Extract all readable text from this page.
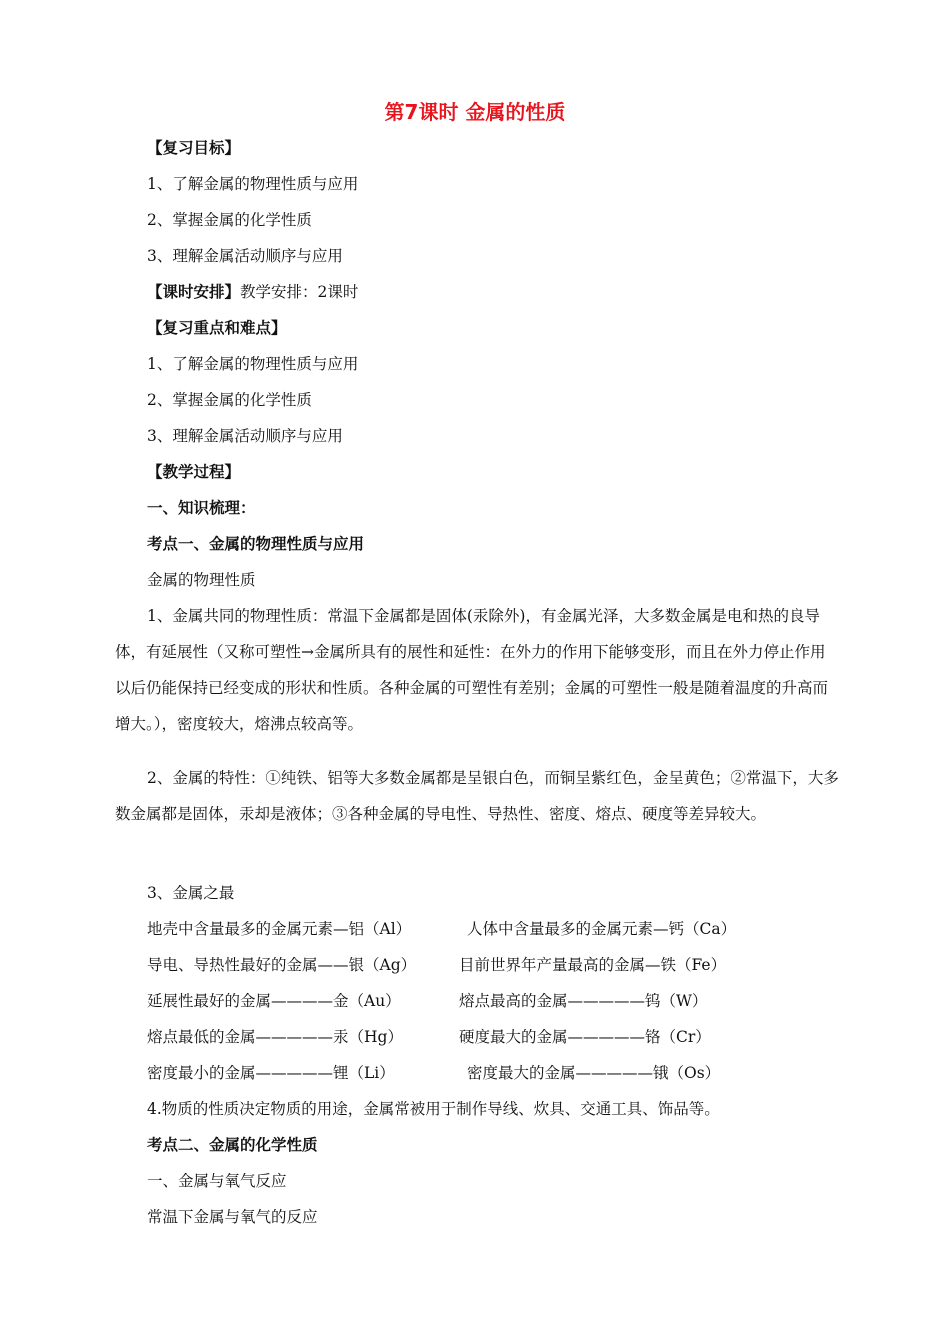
第7课时 金属的性质
【复习目标】
1、了解金属的物理性质与应用
2、掌握金属的化学性质
3、理解金属活动顺序与应用
【课时安排】教学安排：2课时
【复习重点和难点】
1、了解金属的物理性质与应用
2、掌握金属的化学性质
3、理解金属活动顺序与应用
【教学过程】
一、知识梳理：
考点一、金属的物理性质与应用
金属的物理性质

1、金属共同的物理性质：常温下金属都是固体(汞除外)，有金属光泽，大多数金属是电和热的良导体，有延展性（又称可塑性→金属所具有的展性和延性：在外力的作用下能够变形，而且在外力停止作用以后仍能保持已经变成的形状和性质。各种金属的可塑性有差别；金属的可塑性一般是随着温度的升高而增大。），密度较大，熔沸点较高等。

2、金属的特性：①纯铁、铝等大多数金属都是呈银白色，而铜呈紫红色，金呈黄色；②常温下，大多数金属都是固体，汞却是液体；③各种金属的导电性、导热性、密度、熔点、硬度等差异较大。

3、金属之最
地壳中含量最多的金属元素—铝（Al）	人体中含量最多的金属元素—钙（Ca）
导电、导热性最好的金属——银（Ag）	目前世界年产量最高的金属—铁（Fe）
延展性最好的金属————金（Au）	熔点最高的金属—————钨（W）
熔点最低的金属—————汞（Hg）	硬度最大的金属—————铬（Cr）
密度最小的金属—————锂（Li）	密度最大的金属—————锇（Os）
4.物质的性质决定物质的用途，金属常被用于制作导线、炊具、交通工具、饰品等。
考点二、金属的化学性质
一、金属与氧气反应
常温下金属与氧气的反应
